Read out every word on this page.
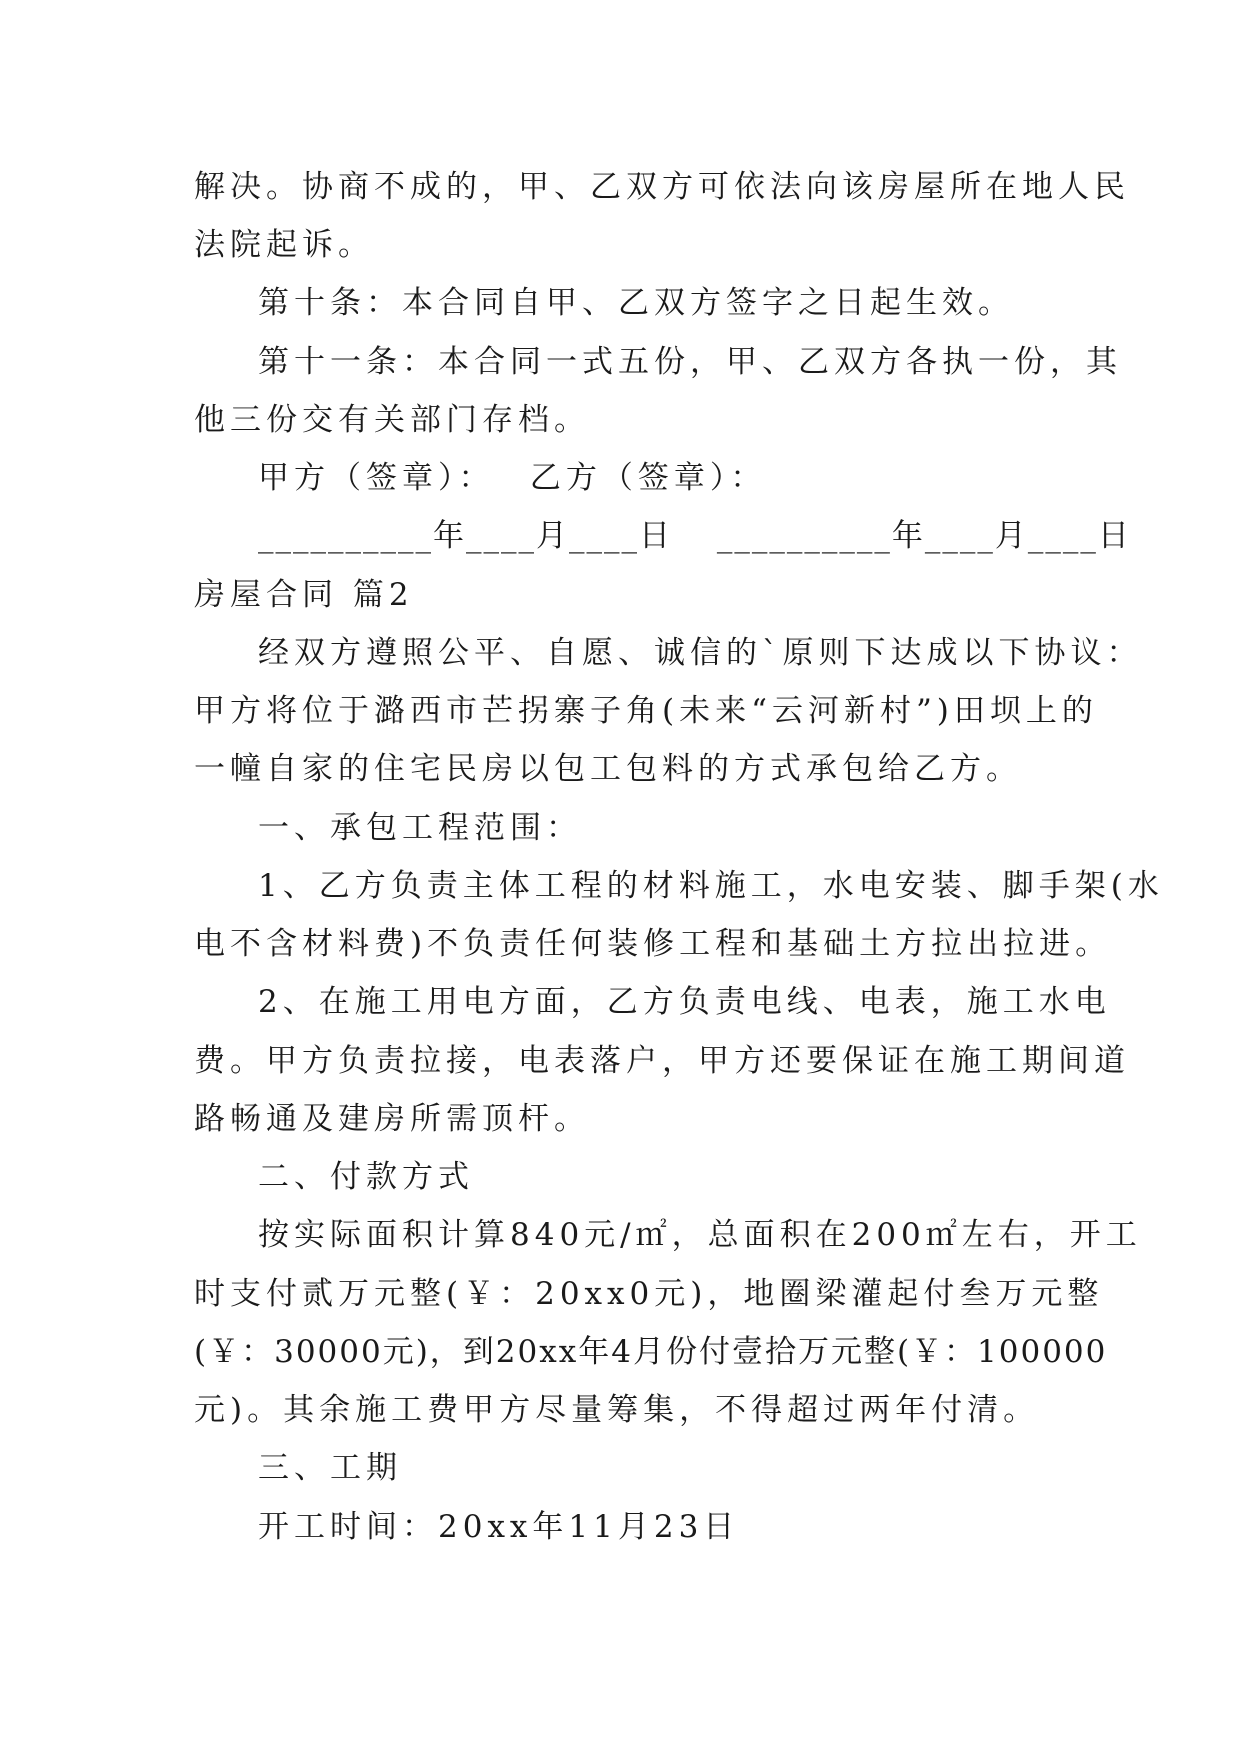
解决。协商不成的，甲、乙双方可依法向该房屋所在地人民
法院起诉。
第十条：本合同自甲、乙双方签字之日起生效。
第十一条：本合同一式五份，甲、乙双方各执一份，其
他三份交有关部门存档。
甲方（签章）：　 乙方（签章）：
__________年____月____日　 __________年____月____日
房屋合同 篇2
经双方遵照公平、自愿、诚信的`原则下达成以下协议：
甲方将位于潞西市芒拐寨子角(未来“云河新村”)田坝上的
一幢自家的住宅民房以包工包料的方式承包给乙方。
一、承包工程范围：
1、乙方负责主体工程的材料施工，水电安装、脚手架(水
电不含材料费)不负责任何装修工程和基础土方拉出拉进。
2、在施工用电方面，乙方负责电线、电表，施工水电
费。甲方负责拉接，电表落户，甲方还要保证在施工期间道
路畅通及建房所需顶杆。
二、付款方式
按实际面积计算840元/㎡，总面积在200㎡左右，开工
时支付贰万元整(￥：20xx0元)，地圈梁灌起付叁万元整
(￥：30000元)，到20xx年4月份付壹拾万元整(￥：100000
元)。其余施工费甲方尽量筹集，不得超过两年付清。
三、工期
开工时间：20xx年11月23日
